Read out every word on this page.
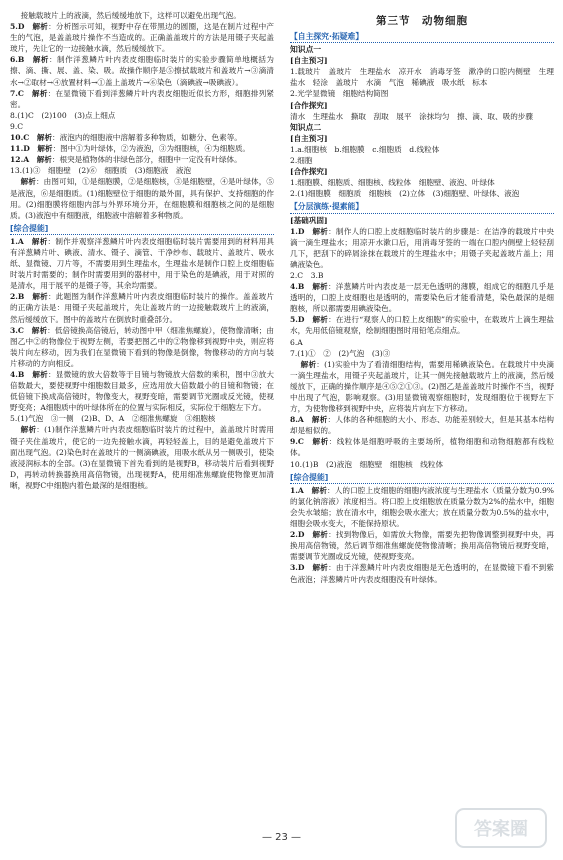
接触载玻片上的液滴，然后缓缓地放下，这样可以避免出现气泡。
5.D　 解析：分析图示可知，视野中存在带黑边的圆圈，这是在制片过程中产生的气泡，是盖盖玻片操作不当造成的。正确盖盖玻片的方法是用镊子夹起盖玻片，先让它的一边接触水滴，然后缓缓放下。
6.B　 解析：制作洋葱鳞片叶内表皮细胞临时装片的实验步骤简单地概括为擦、滴、撕、展、盖、染、吸。故操作顺序是⑤擦拭载玻片和盖玻片→③滴清水→②取材→④放置材料→①盖上盖玻片→⑥染色（滴碘液→吸碘液）。
7.C　 解析：在显微镜下看到洋葱鳞片叶内表皮细胞近似长方形，细胞排列紧密。
8.(1)C　(2)100　(3)点上细点
9.C
10.C　 解析：液泡内的细胞液中溶解着多种物质，如糖分、色素等。
11.D　 解析：图中①为叶绿体，②为液泡，③为细胞核，④为细胞质。
12.A　 解析：根突是植物体的非绿色部分，细胞中一定没有叶绿体。
13.(1)③　细胞壁　(2)⑥　细胞质　(3)细胞液　液泡
解析：由图可知，①是细胞膜，②是细胞核，③是细胞壁，④是叶绿体，⑤是液泡，⑥是细胞质。(1)细胞壁位于细胞的最外面，具有保护、支持细胞的作用。(2)细胞膜将细胞内部与外界环境分开，在细胞膜和细胞核之间的是细胞质。(3)液泡中有细胞液，细胞液中溶解着多种物质。
[综合提能]
1.A　 解析：制作并观察洋葱鳞片叶内表皮细胞临时装片需要用到的材料用具有洋葱鳞片叶、碘液、清水、镊子、滴管、干净纱布、载玻片、盖玻片、吸水纸、显微镜、刀片等，不需要用到生理盐水，生理盐水是制作口腔上皮细胞临时装片时需要的；制作时需要用到的器材中，用于染色的是碘液，用于对照的是清水，用于展平的是镊子等，其余均需要。
2.B　 解析：此题图为制作洋葱鳞片叶内表皮细胞临时装片的操作。盖盖玻片的正确方法是：用镊子夹起盖玻片，先让盖玻片的一边接触载玻片上的液滴，然后缓缓放下。图中的盖玻片在倒放时重叠部分。
3.C　 解析：低倍镜换高倍镜后，转动图中甲（细准焦螺旋），使物像清晰；由图乙中②的物像位于视野左侧，若要把图乙中的②物像移到视野中央，则应将装片向左移动，因为我们在显微镜下看到的物像是倒像，物像移动的方向与装片移动的方向相反。
4.B　 解析：显微镜的放大倍数等于目镜与物镜放大倍数的乘积，图中③放大倍数最大，要使视野中细胞数目最多，应选用放大倍数最小的目镜和物镜；在低倍镜下换成高倍镜时，物像变大，视野变暗，需要调节光圈或反光镜，使视野变亮；A细胞质中的叶绿体所在的位置与实际相反，实际位于细胞左下方。
5.(1)气泡　③一侧　(2)B、D、A　②细准焦螺旋　③细胞核
解析：(1)制作洋葱鳞片叶内表皮细胞临时装片的过程中，盖盖玻片时需用镊子夹住盖玻片，使它的一边先接触水滴，再轻轻盖上，目的是避免盖玻片下面出现气泡。(2)染色时在盖玻片的一侧滴碘液，用吸水纸从另一侧吸引，使染液浸润标本的全部。(3)在显微镜下首先看到的是视野B，移动装片后看到视野D，再转动转换器换用高倍物镜，出现视野A，使用细准焦螺旋使物像更加清晰，视野C中细胞内着色最深的是细胞核。
第三节　动物细胞
【自主探究·拓疑难】
知识点一
[自主预习]
1.载玻片　盖玻片　生理盐水　凉开水　消毒牙签　漱净的口腔内侧壁　生理盐水　轻涂　盖玻片　水滴　气泡　稀碘液　吸水纸　标本
2.光学显微镜　细胞结构简图
[合作探究]
清水　生理盐水　撕取　刮取　展平　涂抹均匀　擦、滴、取、吸的步骤
知识点二
[自主预习]
1.a.细胞核　b.细胞膜　c.细胞质　d.线粒体
2.细胞
[合作探究]
1.细胞膜、细胞质、细胞核、线粒体　细胞壁、液泡、叶绿体
2.(1)细胞膜　细胞质　细胞核　(2)立体　(3)细胞壁、叶绿体、液泡
【分层演练·提素能】
[基础巩固]
1.D　 解析：制作人的口腔上皮细胞临时装片的步骤是：在洁净的载玻片中央滴一滴生理盐水；用凉开水漱口后，用消毒牙签的一端在口腔内侧壁上轻轻刮几下，把刮下的碎屑涂抹在载玻片的生理盐水中；用镊子夹起盖玻片盖上；用碘液染色。
2.C　3.B
4.B　 解析：洋葱鳞片叶内表皮是一层无色透明的薄膜，组成它的细胞几乎是透明的，口腔上皮细胞也是透明的，需要染色后才能看清楚，染色最深的是细胞核，所以都需要用碘液染色。
5.D　 解析：在进行“观察人的口腔上皮细胞”的实验中，在载玻片上滴生理盐水，先用低倍镜观察，绘制细胞图时用铅笔点细点。
6.A
7.(1)①　②　(2)气泡　(3)③
解析：(1)实验中为了看清细胞结构，需要用稀碘液染色。在载玻片中央滴一滴生理盐水，用镊子夹起盖玻片，让其一侧先接触载玻片上的液滴，然后缓缓放下，正确的操作顺序是④⑤②①③。(2)图乙是盖盖玻片时操作不当，视野中出现了气泡，影响观察。(3)用显微镜观察细胞时，发现细胞位于视野左下方，为使物像移到视野中央，应将装片向左下方移动。
8.A　 解析：人体的各种细胞的大小、形态、功能差别较大，但是其基本结构却是相似的。
9.C　 解析：线粒体是细胞呼吸的主要场所，植物细胞和动物细胞都有线粒体。
10.(1)B　(2)液泡　细胞壁　细胞核　线粒体
[综合提能]
1.A　 解析：人的口腔上皮细胞的细胞内液浓度与生理盐水（质量分数为0.9%的氯化钠溶液）浓度相当。将口腔上皮细胞放在质量分数为2%的盐水中，细胞会失水皱缩；放在清水中，细胞会吸水涨大；放在质量分数为0.5%的盐水中，细胞会吸水变大，不能保持原状。
2.D　 解析：找到物像后，如需放大物像，需要先把物像调整到视野中央，再换用高倍物镜，然后调节细准焦螺旋使物像清晰；换用高倍物镜后视野变暗，需要调节光圈或反光镜，使视野变亮。
3.D　 解析：由于洋葱鳞片叶内表皮细胞是无色透明的，在显微镜下看不到紫色液泡；洋葱鳞片叶内表皮细胞没有叶绿体。
— 23 —	答案圈
